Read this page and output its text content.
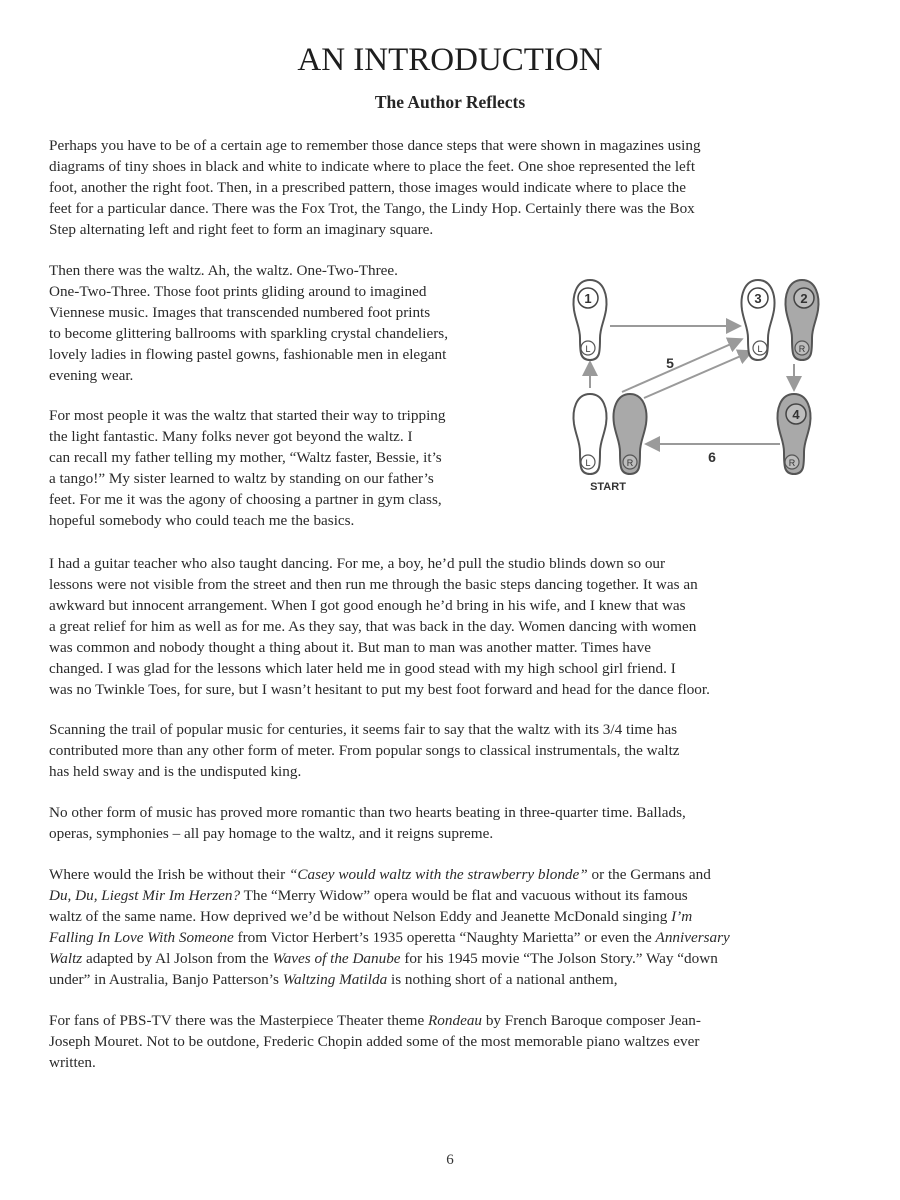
AN INTRODUCTION
The Author Reflects

Perhaps you have to be of a certain age to remember those dance steps that were shown in magazines using
diagrams of tiny shoes in black and white to indicate where to place the feet. One shoe represented the left
foot, another the right foot. Then, in a prescribed pattern, those images would indicate where to place the
feet for a particular dance. There was the Fox Trot, the Tango, the Lindy Hop. Certainly there was the Box
Step alternating left and right feet to form an imaginary square.

Then there was the waltz. Ah, the waltz. One-Two-Three.
One-Two-Three. Those foot prints gliding around to imagined
Viennese music. Images that transcended numbered foot prints
to become glittering ballrooms with sparkling crystal chandeliers,
lovely ladies in flowing pastel gowns, fashionable men in elegant
evening wear.

For most people it was the waltz that started their way to tripping
the light fantastic. Many folks never got beyond the waltz. I
can recall my father telling my mother, “Waltz faster, Bessie, it’s
a tango!” My sister learned to waltz by standing on our father’s
feet. For me it was the agony of choosing a partner in gym class,
hopeful somebody who could teach me the basics.

1
L
3
L
2
R
4
R
L	R
5
6
START

I had a guitar teacher who also taught dancing. For me, a boy, he’d pull the studio blinds down so our
lessons were not visible from the street and then run me through the basic steps dancing together. It was an
awkward but innocent arrangement. When I got good enough he’d bring in his wife, and I knew that was
a great relief for him as well as for me. As they say, that was back in the day. Women dancing with women
was common and nobody thought a thing about it. But man to man was another matter. Times have
changed. I was glad for the lessons which later held me in good stead with my high school girl friend. I
was no Twinkle Toes, for sure, but I wasn’t hesitant to put my best foot forward and head for the dance floor.

Scanning the trail of popular music for centuries, it seems fair to say that the waltz with its 3/4 time has
contributed more than any other form of meter. From popular songs to classical instrumentals, the waltz
has held sway and is the undisputed king.

No other form of music has proved more romantic than two hearts beating in three-quarter time. Ballads,
operas, symphonies – all pay homage to the waltz, and it reigns supreme.

Where would the Irish be without their “Casey would waltz with the strawberry blonde” or the Germans and
Du, Du, Liegst Mir Im Herzen? The “Merry Widow” opera would be flat and vacuous without its famous
waltz of the same name. How deprived we’d be without Nelson Eddy and Jeanette McDonald singing I’m
Falling In Love With Someone from Victor Herbert’s 1935 operetta “Naughty Marietta” or even the Anniversary
Waltz adapted by Al Jolson from the Waves of the Danube for his 1945 movie “The Jolson Story.” Way “down
under” in Australia, Banjo Patterson’s Waltzing Matilda is nothing short of a national anthem,

For fans of PBS-TV there was the Masterpiece Theater theme Rondeau by French Baroque composer Jean-
Joseph Mouret. Not to be outdone, Frederic Chopin added some of the most memorable piano waltzes ever
written.

6
